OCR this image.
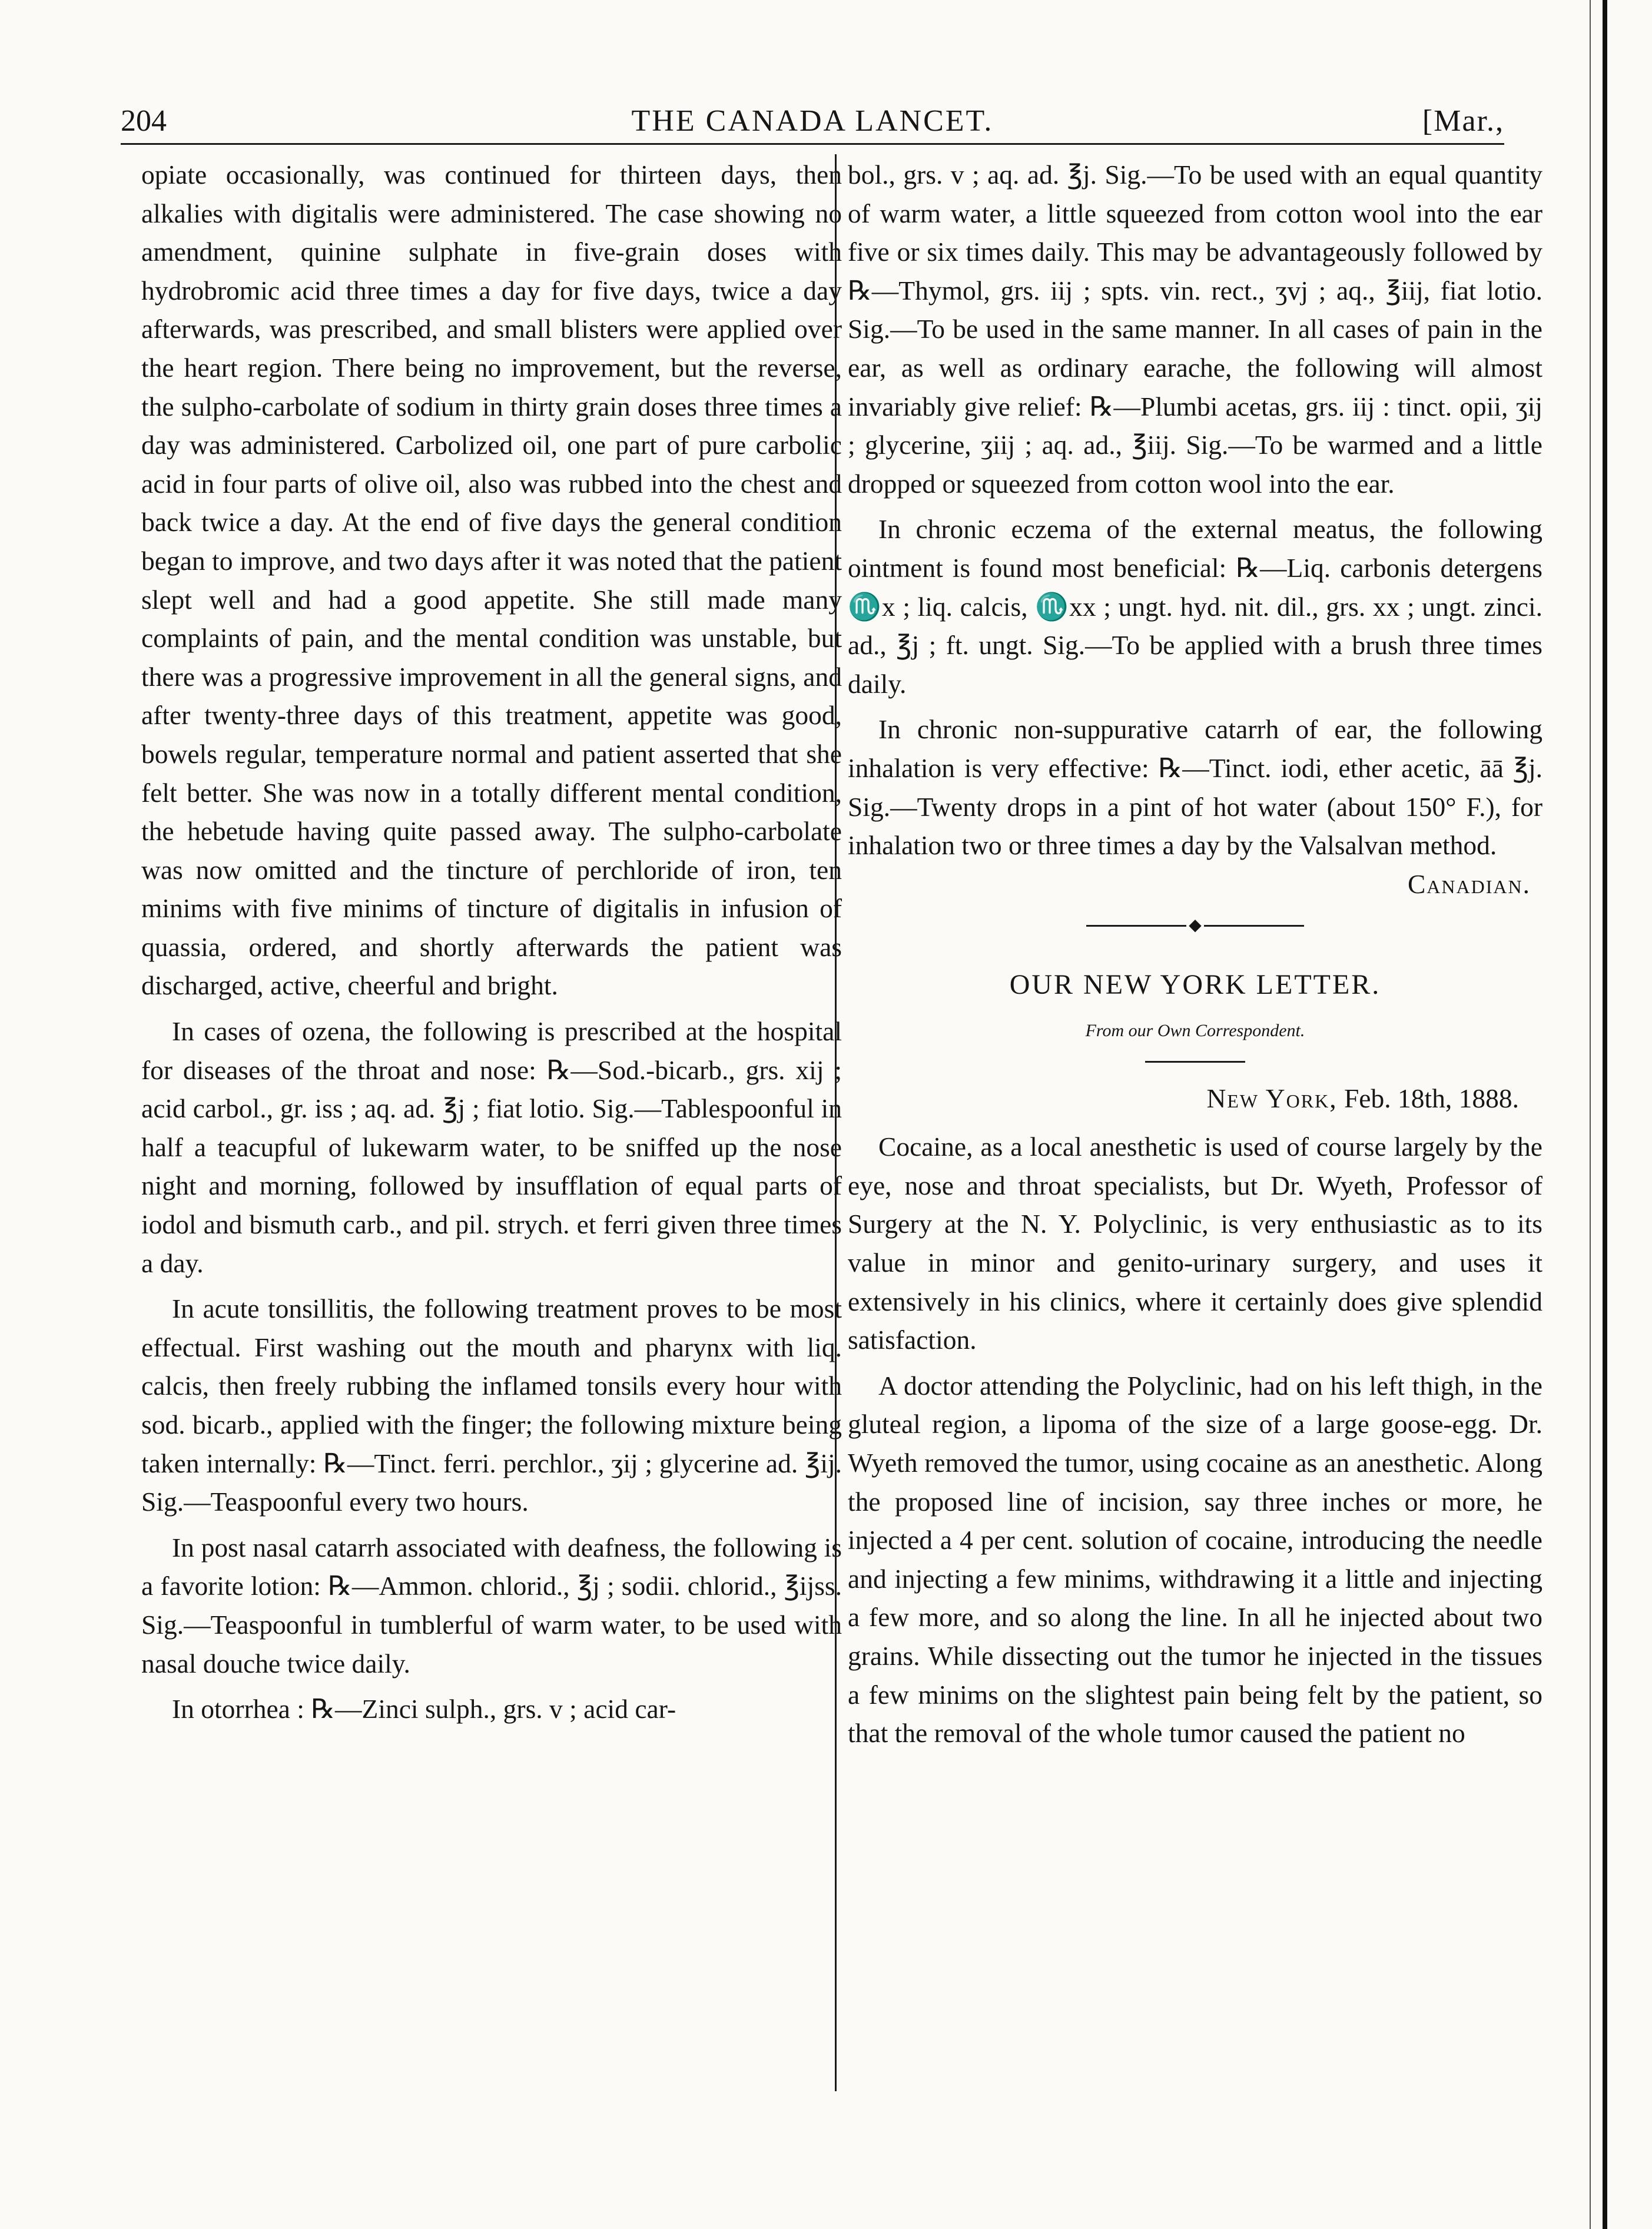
204	THE CANADA LANCET.	[Mar.,

opiate occasionally, was continued for thirteen days, then alkalies with digitalis were administered. The case showing no amendment, quinine sulphate in five-grain doses with hydrobromic acid three times a day for five days, twice a day afterwards, was prescribed, and small blisters were applied over the heart region. There being no improvement, but the reverse, the sulpho-carbolate of sodium in thirty grain doses three times a day was administered. Carbolized oil, one part of pure carbolic acid in four parts of olive oil, also was rubbed into the chest and back twice a day. At the end of five days the general condition began to improve, and two days after it was noted that the patient slept well and had a good appetite. She still made many complaints of pain, and the mental condition was unstable, but there was a progressive improvement in all the general signs, and after twenty-three days of this treatment, appetite was good, bowels regular, temperature normal and patient asserted that she felt better. She was now in a totally different mental condition, the hebetude having quite passed away. The sulpho-carbolate was now omitted and the tincture of perchloride of iron, ten minims with five minims of tincture of digitalis in infusion of quassia, ordered, and shortly afterwards the patient was discharged, active, cheerful and bright.

In cases of ozena, the following is prescribed at the hospital for diseases of the throat and nose: ℞—Sod.-bicarb., grs. xij ; acid carbol., gr. iss ; aq. ad. ℥j ; fiat lotio. Sig.—Tablespoonful in half a teacupful of lukewarm water, to be sniffed up the nose night and morning, followed by insufflation of equal parts of iodol and bismuth carb., and pil. strych. et ferri given three times a day.

In acute tonsillitis, the following treatment proves to be most effectual. First washing out the mouth and pharynx with liq. calcis, then freely rubbing the inflamed tonsils every hour with sod. bicarb., applied with the finger; the following mixture being taken internally: ℞—Tinct. ferri. perchlor., ʒij ; glycerine ad. ℥ij. Sig.—Teaspoonful every two hours.

In post nasal catarrh associated with deafness, the following is a favorite lotion: ℞—Ammon. chlorid., ℥j ; sodii. chlorid., ℥ijss. Sig.—Teaspoonful in tumblerful of warm water, to be used with nasal douche twice daily.

In otorrhea : ℞—Zinci sulph., grs. v ; acid car-

bol., grs. v ; aq. ad. ℥j. Sig.—To be used with an equal quantity of warm water, a little squeezed from cotton wool into the ear five or six times daily. This may be advantageously followed by ℞—Thymol, grs. iij ; spts. vin. rect., ʒvj ; aq., ℥iij, fiat lotio. Sig.—To be used in the same manner. In all cases of pain in the ear, as well as ordinary earache, the following will almost invariably give relief: ℞—Plumbi acetas, grs. iij : tinct. opii, ʒij ; glycerine, ʒiij ; aq. ad., ℥iij. Sig.—To be warmed and a little dropped or squeezed from cotton wool into the ear.

In chronic eczema of the external meatus, the following ointment is found most beneficial: ℞—Liq. carbonis detergens ♏x ; liq. calcis, ♏xx ; ungt. hyd. nit. dil., grs. xx ; ungt. zinci. ad., ℥j ; ft. ungt. Sig.—To be applied with a brush three times daily.

In chronic non-suppurative catarrh of ear, the following inhalation is very effective: ℞—Tinct. iodi, ether acetic, āā ℥j. Sig.—Twenty drops in a pint of hot water (about 150° F.), for inhalation two or three times a day by the Valsalvan method.

Canadian.

◆
OUR NEW YORK LETTER.
From our Own Correspondent.
New York, Feb. 18th, 1888.

Cocaine, as a local anesthetic is used of course largely by the eye, nose and throat specialists, but Dr. Wyeth, Professor of Surgery at the N. Y. Polyclinic, is very enthusiastic as to its value in minor and genito-urinary surgery, and uses it extensively in his clinics, where it certainly does give splendid satisfaction.

A doctor attending the Polyclinic, had on his left thigh, in the gluteal region, a lipoma of the size of a large goose-egg. Dr. Wyeth removed the tumor, using cocaine as an anesthetic. Along the proposed line of incision, say three inches or more, he injected a 4 per cent. solution of cocaine, introducing the needle and injecting a few minims, withdrawing it a little and injecting a few more, and so along the line. In all he injected about two grains. While dissecting out the tumor he injected in the tissues a few minims on the slightest pain being felt by the patient, so that the removal of the whole tumor caused the patient no
